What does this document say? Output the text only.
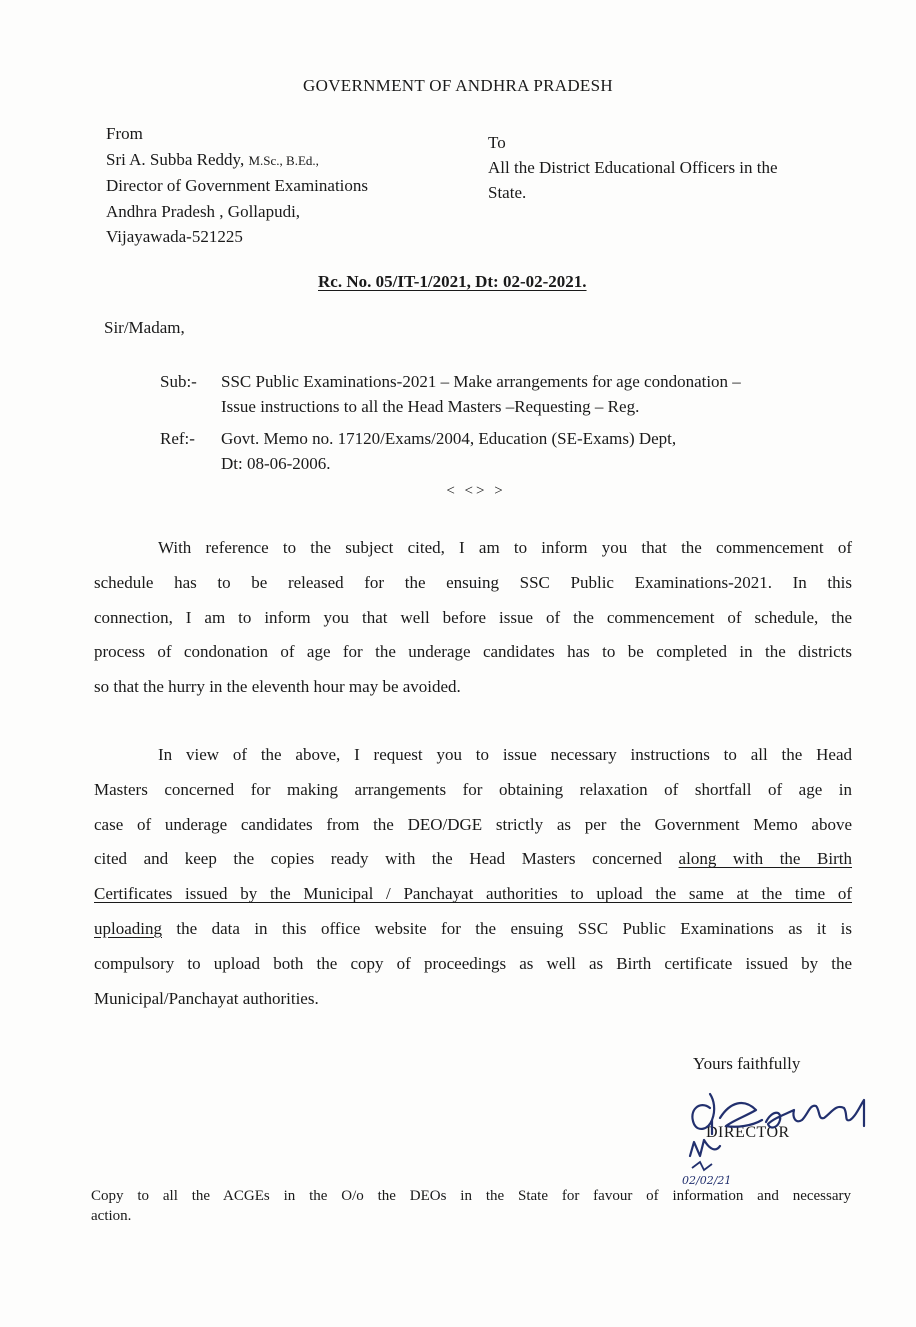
GOVERNMENT OF ANDHRA PRADESH
From
Sri A. Subba Reddy, M.Sc., B.Ed.,
Director of Government Examinations
Andhra Pradesh , Gollapudi,
Vijayawada-521225
To
All the District Educational Officers in the
State.
Rc. No. 05/IT-1/2021, Dt: 02-02-2021.
Sir/Madam,
Sub:- SSC Public Examinations-2021 – Make arrangements for age condonation –
Issue instructions to all the Head Masters –Requesting – Reg.
Ref:- Govt. Memo no. 17120/Exams/2004, Education (SE-Exams) Dept,
Dt: 08-06-2006.
< <> >
With reference to the subject cited, I am to inform you that the commencement of
schedule has to be released for the ensuing SSC Public Examinations-2021. In this
connection, I am to inform you that well before issue of the commencement of schedule, the
process of condonation of age for the underage candidates has to be completed in the districts
so that the hurry in the eleventh hour may be avoided.
In view of the above, I request you to issue necessary instructions to all the Head
Masters concerned for making arrangements for obtaining relaxation of shortfall of age in
case of underage candidates from the DEO/DGE strictly as per the Government Memo above
cited and keep the copies ready with the Head Masters concerned along with the Birth
Certificates issued by the Municipal / Panchayat authorities to upload the same at the time of
uploading the data in this office website for the ensuing SSC Public Examinations as it is
compulsory to upload both the copy of proceedings as well as Birth certificate issued by the
Municipal/Panchayat authorities.
Yours faithfully
DIRECTOR
02/02/21
Copy to all the ACGEs in the O/o the DEOs in the State for favour of information and necessary
action.
